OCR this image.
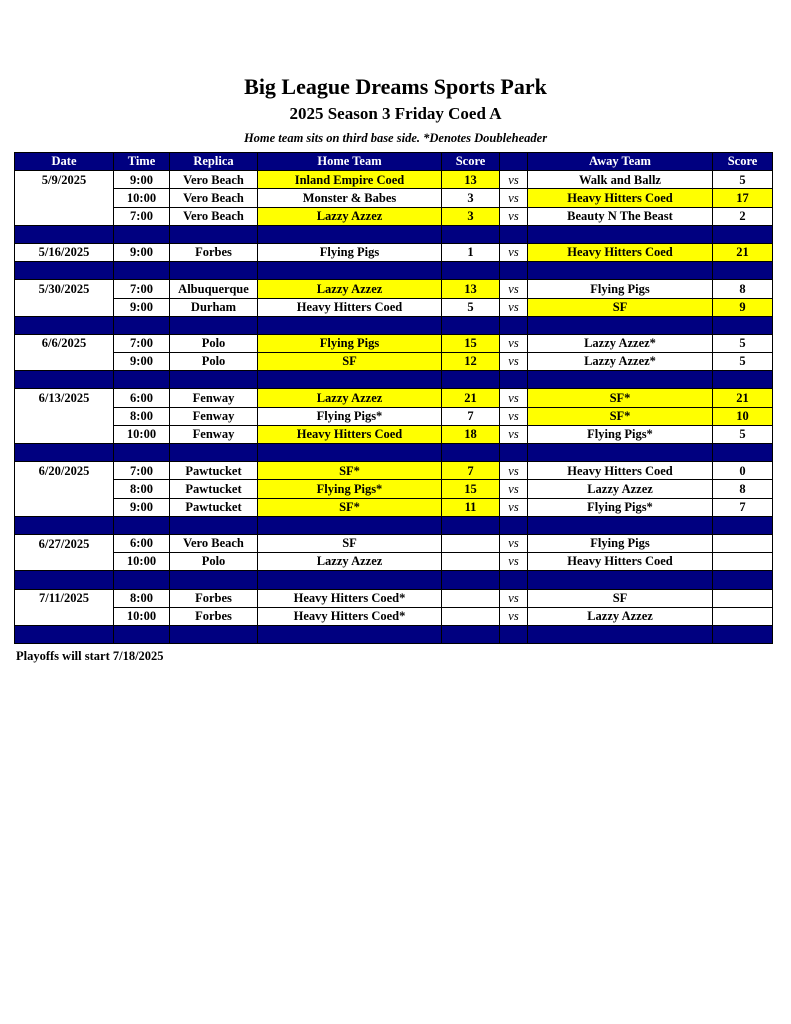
Big League Dreams Sports Park
2025 Season 3 Friday Coed A
Home team sits on third base side. *Denotes Doubleheader
Date	Time	Replica	Home Team	Score		Away Team	Score
5/9/2025	9:00	Vero Beach	Inland Empire Coed	13	vs	Walk and Ballz	5
	10:00	Vero Beach	Monster & Babes	3	vs	Heavy Hitters Coed	17
	7:00	Vero Beach	Lazzy Azzez	3	vs	Beauty N The Beast	2

5/16/2025	9:00	Forbes	Flying Pigs	1	vs	Heavy Hitters Coed	21

5/30/2025	7:00	Albuquerque	Lazzy Azzez	13	vs	Flying Pigs	8
	9:00	Durham	Heavy Hitters Coed	5	vs	SF	9

6/6/2025	7:00	Polo	Flying Pigs	15	vs	Lazzy Azzez*	5
	9:00	Polo	SF	12	vs	Lazzy Azzez*	5

6/13/2025	6:00	Fenway	Lazzy Azzez	21	vs	SF*	21
	8:00	Fenway	Flying Pigs*	7	vs	SF*	10
	10:00	Fenway	Heavy Hitters Coed	18	vs	Flying Pigs*	5

6/20/2025	7:00	Pawtucket	SF*	7	vs	Heavy Hitters Coed	0
	8:00	Pawtucket	Flying Pigs*	15	vs	Lazzy Azzez	8
	9:00	Pawtucket	SF*	11	vs	Flying Pigs*	7

6/27/2025	6:00	Vero Beach	SF		vs	Flying Pigs	
	10:00	Polo	Lazzy Azzez		vs	Heavy Hitters Coed	

7/11/2025	8:00	Forbes	Heavy Hitters Coed*		vs	SF	
	10:00	Forbes	Heavy Hitters Coed*		vs	Lazzy Azzez	

Playoffs will start 7/18/2025
